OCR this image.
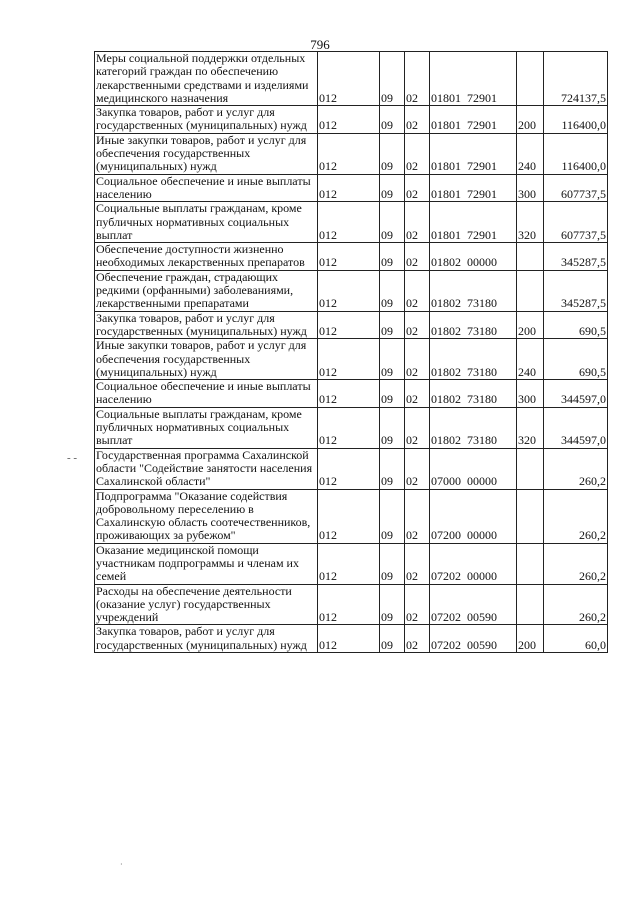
796
Меры социальной поддержки отдельных категорий граждан по обеспечению лекарственными средствами и изделиями медицинского назначения	012	09	02	01801  72901		724137,5
Закупка товаров, работ и услуг для государственных (муниципальных) нужд	012	09	02	01801  72901	200	116400,0
Иные закупки товаров, работ и услуг для обеспечения государственных (муниципальных) нужд	012	09	02	01801  72901	240	116400,0
Социальное обеспечение и иные выплаты населению	012	09	02	01801  72901	300	607737,5
Социальные выплаты гражданам, кроме публичных нормативных социальных выплат	012	09	02	01801  72901	320	607737,5
Обеспечение доступности жизненно необходимых лекарственных препаратов	012	09	02	01802  00000		345287,5
Обеспечение граждан, страдающих редкими (орфанными) заболеваниями, лекарственными препаратами	012	09	02	01802  73180		345287,5
Закупка товаров, работ и услуг для государственных (муниципальных) нужд	012	09	02	01802  73180	200	690,5
Иные закупки товаров, работ и услуг для обеспечения государственных (муниципальных) нужд	012	09	02	01802  73180	240	690,5
Социальное обеспечение и иные выплаты населению	012	09	02	01802  73180	300	344597,0
Социальные выплаты гражданам, кроме публичных нормативных социальных выплат	012	09	02	01802  73180	320	344597,0
Государственная программа Сахалинской области "Содействие занятости населения Сахалинской области"	012	09	02	07000  00000		260,2
Подпрограмма "Оказание содействия добровольному переселению в Сахалинскую область соотечественников, проживающих за рубежом"	012	09	02	07200  00000		260,2
Оказание медицинской помощи участникам подпрограммы и членам их семей	012	09	02	07202  00000		260,2
Расходы на обеспечение деятельности (оказание услуг) государственных учреждений	012	09	02	07202  00590		260,2
Закупка товаров, работ и услуг для государственных (муниципальных) нужд	012	09	02	07202  00590	200	60,0
- -
·
